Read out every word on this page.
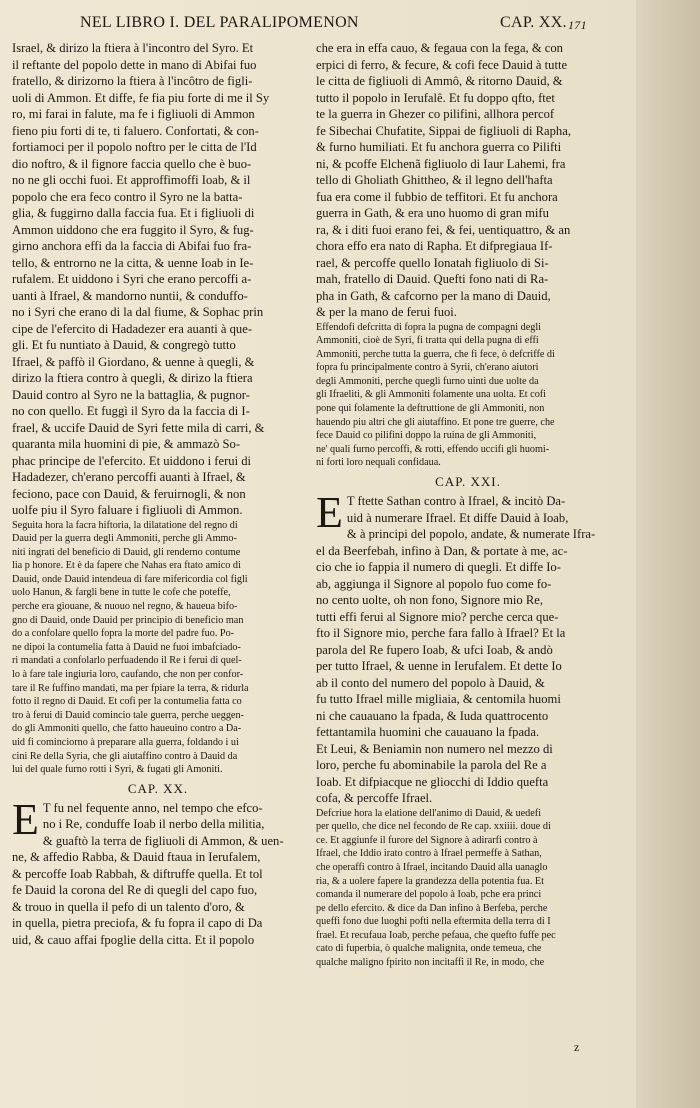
NEL LIBRO I. DEL PARALIPOMENON	CAP. XX. 171
Israel, & dirizo la ftiera à l'incontro del Syro. Et
il reftante del popolo dette in mano di Abifai fuo
fratello, & dirizorno la ftiera à l'incôtro de figli-
uoli di Ammon. Et diffe, fe fia piu forte di me il Sy
ro, mi farai in falute, ma fe i figliuoli di Ammon
fieno piu forti di te, ti faluero. Confortati, & con-
fortiamoci per il popolo noftro per le citta de l'Id
dio noftro, & il fignore faccia quello che è buo-
no ne gli occhi fuoi. Et approffimoffi Ioab, & il
popolo che era feco contro il Syro ne la batta-
glia, & fuggirno dalla faccia fua. Et i figliuoli di
Ammon uiddono che era fuggito il Syro, & fug-
girno anchora effi da la faccia di Abifai fuo fra-
tello, & entrorno ne la citta, & uenne Ioab in Ie-
rufalem. Et uiddono i Syri che erano percoffi a-
uanti à Ifrael, & mandorno nuntii, & conduffo-
no i Syri che erano di la dal fiume, & Sophac prin
cipe de l'efercito di Hadadezer era auanti à que-
gli. Et fu nuntiato à Dauid, & congregò tutto
Ifrael, & paffò il Giordano, & uenne à quegli, &
dirizo la ftiera contro à quegli, & dirizo la ftiera
Dauid contro al Syro ne la battaglia, & pugnor-
no con quello. Et fuggì il Syro da la faccia di I-
frael, & uccife Dauid de Syri fette mila di carri, &
quaranta mila huomini di pie, & ammazò So-
phac principe de l'efercito. Et uiddono i ferui di
Hadadezer, ch'erano percoffi auanti à Ifrael, &
feciono, pace con Dauid, & feruirnogli, & non
uolfe piu il Syro faluare i figliuoli di Ammon.
Seguita hora la facra hiftoria, la dilatatione del regno di
Dauid per la guerra degli Ammoniti, perche gli Ammo-
niti ingrati del beneficio di Dauid, gli renderno contume
lia p honore. Et è da fapere che Nahas era ftato amico di
Dauid, onde Dauid intendeua di fare mifericordia col figli
uolo Hanun, & fargli bene in tutte le cofe che poteffe,
perche era giouane, & nuouo nel regno, & haueua bifo-
gno di Dauid, onde Dauid per principio di beneficio man
do a confolare quello fopra la morte del padre fuo. Po-
ne dipoi la contumelia fatta à Dauid ne fuoi imbafciado-
ri mandati a confolarlo perfuadendo il Re i ferui di quel-
lo à fare tale ingiuria loro, caufando, che non per confor-
tare il Re fuffino mandati, ma per fpiare la terra, & ridurla
fotto il regno di Dauid. Et cofi per la contumelia fatta co
tro à ferui di Dauid comincio tale guerra, perche ueggen-
do gli Ammoniti quello, che fatto haueuino contro a Da-
uid fi cominciorno à preparare alla guerra, foldando i ui
cini Re della Syria, che gli aiutaffino contro à Dauid da
lui del quale furno rotti i Syri, & fugati gli Amoniti.
CAP. XX.
E T fu nel fequente anno, nel tempo che efco-
no i Re, conduffe Ioab il nerbo della militia,
& guaftò la terra de figliuoli di Ammon, & uen-
ne, & affedio Rabba, & Dauid ftaua in Ierufalem,
& percoffe Ioab Rabbah, & diftruffe quella. Et tol
fe Dauid la corona del Re di quegli del capo fuo,
& trouo in quella il pefo di un talento d'oro, &
in quella, pietra preciofa, & fu fopra il capo di Da
uid, & cauo affai fpoglie della citta. Et il popolo
che era in effa cauo, & fegaua con la fega, & con
erpici di ferro, & fecure, & cofi fece Dauid à tutte
le citta de figliuoli di Ammô, & ritorno Dauid, &
tutto il popolo in Ierufalê. Et fu doppo qfto, ftet
te la guerra in Ghezer co pilifini, allhora percof
fe Sibechai Chufatite, Sippai de figliuoli di Rapha,
& furno humiliati. Et fu anchora guerra co Pilifti
ni, & pcoffe Elchenã figliuolo di Iaur Lahemi, fra
tello di Gholiath Ghittheo, & il legno dell'hafta
fua era come il fubbio de teffitori. Et fu anchora
guerra in Gath, & era uno huomo di gran mifu
ra, & i diti fuoi erano fei, & fei, uentiquattro, & an
chora effo era nato di Rapha. Et difpregiaua If-
rael, & percoffe quello Ionatah figliuolo di Si-
mah, fratello di Dauid. Quefti fono nati di Ra-
pha in Gath, & cafcorno per la mano di Dauid,
& per la mano de ferui fuoi.
Effendofi defcritta di fopra la pugna de compagni degli
Ammoniti, cioè de Syri, fi tratta qui della pugna di effi
Ammoniti, perche tutta la guerra, che fi fece, ò defcriffe di
fopra fu principalmente contro à Syrii, ch'erano aiutori
degli Ammoniti, perche quegli furno uinti due uolte da
gli Ifraeliti, & gli Ammoniti folamente una uolta. Et cofi
pone qui folamente la deftruttione de gli Ammoniti, non
hauendo piu altri che gli aiutaffino. Et pone tre guerre, che
fece Dauid co pilifini doppo la ruina de gli Ammoniti,
ne' quali furno percoffi, & rotti, effendo uccifi gli huomi-
ni forti loro nequali confidaua.
CAP. XXI.
E T ftette Sathan contro à Ifrael, & incitò Da-
uid à numerare Ifrael. Et diffe Dauid à Ioab,
& à principi del popolo, andate, & numerate Ifra-
el da Beerfebah, infino à Dan, & portate à me, ac-
cio che io fappia il numero di quegli. Et diffe Io-
ab, aggiunga il Signore al popolo fuo come fo-
no cento uolte, oh non fono, Signore mio Re,
tutti effi ferui al Signore mio? perche cerca que-
fto il Signore mio, perche fara fallo à Ifrael? Et la
parola del Re fupero Ioab, & ufci Ioab, & andò
per tutto Ifrael, & uenne in Ierufalem. Et dette Io
ab il conto del numero del popolo à Dauid, &
fu tutto Ifrael mille migliaia, & centomila huomi
ni che cauauano la fpada, & Iuda quattrocento
fettantamila huomini che cauauano la fpada.
Et Leui, & Beniamin non numero nel mezzo di
loro, perche fu abominabile la parola del Re a
Ioab. Et difpiacque ne gliocchi di Iddio quefta
cofa, & percoffe Ifrael.
Defcriue hora la elatione dell'animo di Dauid, & uedefi
per quello, che dice nel fecondo de Re cap. xxiiii. doue di
ce. Et aggiunfe il furore del Signore à adirarfi contro à
Ifrael, che Iddio irato contro à Ifrael permeffe à Sathan,
che operaffi contro à Ifrael, incitando Dauid alla uanaglo
ria, & a uolere fapere la grandezza della potentia fua. Et
comanda il numerare del popolo à Ioab, pche era princi
pe dello efercito. & dice da Dan infino à Berfeba, perche
queffi fono due luoghi pofti nella eftermita della terra di I
frael. Et recufaua Ioab, perche pefaua, che quefto fuffe pec
cato di fuperbia, ò qualche malignita, onde temeua, che
qualche maligno fpirito non incitaffi il Re, in modo, che
z
